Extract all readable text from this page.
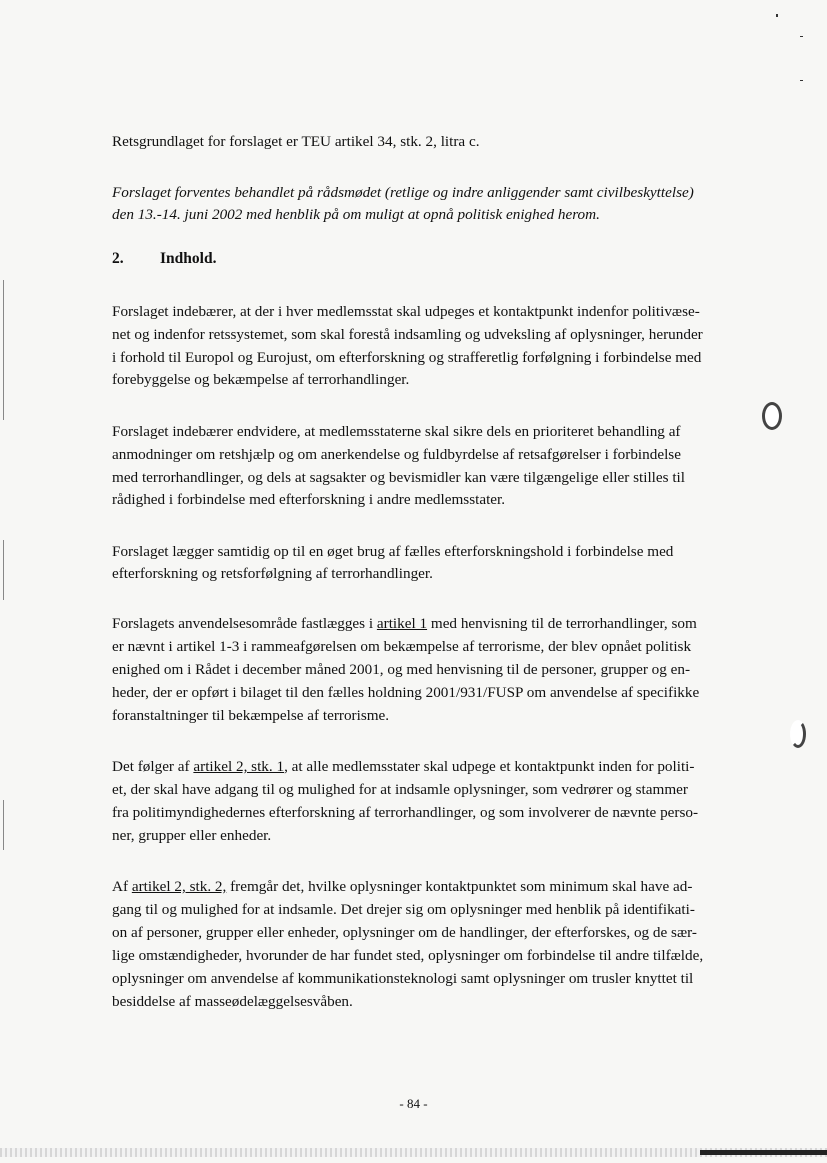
Retsgrundlaget for forslaget er TEU artikel 34, stk. 2, litra c.
Forslaget forventes behandlet på rådsmødet (retlige og indre anliggender samt civilbeskyttelse)
den 13.-14. juni 2002 med henblik på om muligt at opnå politisk enighed herom.
2. Indhold.
Forslaget indebærer, at der i hver medlemsstat skal udpeges et kontaktpunkt indenfor politivæse-
net og indenfor retssystemet, som skal forestå indsamling og udveksling af oplysninger, herunder
i forhold til Europol og Eurojust, om efterforskning og strafferetlig forfølgning i forbindelse med
forebyggelse og bekæmpelse af terrorhandlinger.
Forslaget indebærer endvidere, at medlemsstaterne skal sikre dels en prioriteret behandling af
anmodninger om retshjælp og om anerkendelse og fuldbyrdelse af retsafgørelser i forbindelse
med terrorhandlinger, og dels at sagsakter og bevismidler kan være tilgængelige eller stilles til
rådighed i forbindelse med efterforskning i andre medlemsstater.
Forslaget lægger samtidig op til en øget brug af fælles efterforskningshold i forbindelse med
efterforskning og retsforfølgning af terrorhandlinger.
Forslagets anvendelsesområde fastlægges i artikel 1 med henvisning til de terrorhandlinger, som
er nævnt i artikel 1-3 i rammeafgørelsen om bekæmpelse af terrorisme, der blev opnået politisk
enighed om i Rådet i december måned 2001, og med henvisning til de personer, grupper og en-
heder, der er opført i bilaget til den fælles holdning 2001/931/FUSP om anvendelse af specifikke
foranstaltninger til bekæmpelse af terrorisme.
Det følger af artikel 2, stk. 1, at alle medlemsstater skal udpege et kontaktpunkt inden for politi-
et, der skal have adgang til og mulighed for at indsamle oplysninger, som vedrører og stammer
fra politimyndighedernes efterforskning af terrorhandlinger, og som involverer de nævnte perso-
ner, grupper eller enheder.
Af artikel 2, stk. 2, fremgår det, hvilke oplysninger kontaktpunktet som minimum skal have ad-
gang til og mulighed for at indsamle. Det drejer sig om oplysninger med henblik på identifikati-
on af personer, grupper eller enheder, oplysninger om de handlinger, der efterforskes, og de sær-
lige omstændigheder, hvorunder de har fundet sted, oplysninger om forbindelse til andre tilfælde,
oplysninger om anvendelse af kommunikationsteknologi samt oplysninger om trusler knyttet til
besiddelse af masseødelæggelsesvåben.
- 84 -
